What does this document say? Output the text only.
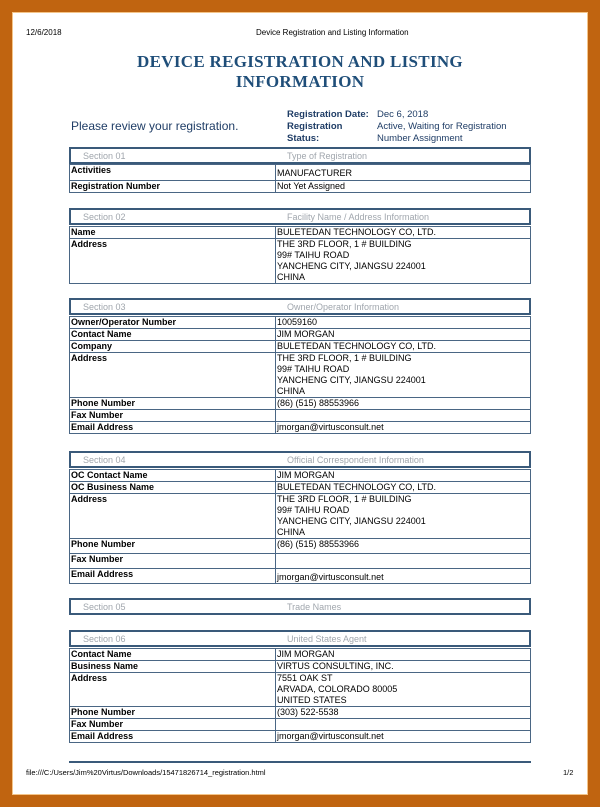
12/6/2018	Device Registration and Listing Information
DEVICE REGISTRATION AND LISTING
INFORMATION
Please review your registration.
Registration Date: Dec 6, 2018
Registration Status:
Active, Waiting for Registration
Number Assignment
Section 01	Type of Registration
Activities	MANUFACTURER
Registration Number	Not Yet Assigned
Section 02	Facility Name / Address Information
Name	BULETEDAN TECHNOLOGY CO, LTD.
Address	THE 3RD FLOOR, 1 # BUILDING
99# TAIHU ROAD
YANCHENG CITY, JIANGSU 224001
CHINA
Section 03	Owner/Operator Information
Owner/Operator Number	10059160
Contact Name	JIM MORGAN
Company	BULETEDAN TECHNOLOGY CO, LTD.
Address	THE 3RD FLOOR, 1 # BUILDING
99# TAIHU ROAD
YANCHENG CITY, JIANGSU 224001
CHINA

Phone Number	(86) (515) 88553966
Fax Number	
Email Address	jmorgan@virtusconsult.net
Section 04	Official Correspondent Information
OC Contact Name	JIM MORGAN
OC Business Name	BULETEDAN TECHNOLOGY CO, LTD.
Address	THE 3RD FLOOR, 1 # BUILDING
99# TAIHU ROAD
YANCHENG CITY, JIANGSU 224001
CHINA

Phone Number	(86) (515) 88553966
Fax Number	
Email Address	jmorgan@virtusconsult.net
Section 05	Trade Names
Section 06	United States Agent
Contact Name	JIM MORGAN
Business Name	VIRTUS CONSULTING, INC.
Address	7551 OAK ST
ARVADA, COLORADO 80005
UNITED STATES

Phone Number	(303) 522-5538
Fax Number	
Email Address	jmorgan@virtusconsult.net
file:///C:/Users/Jim%20Virtus/Downloads/15471826714_registration.html	1/2
